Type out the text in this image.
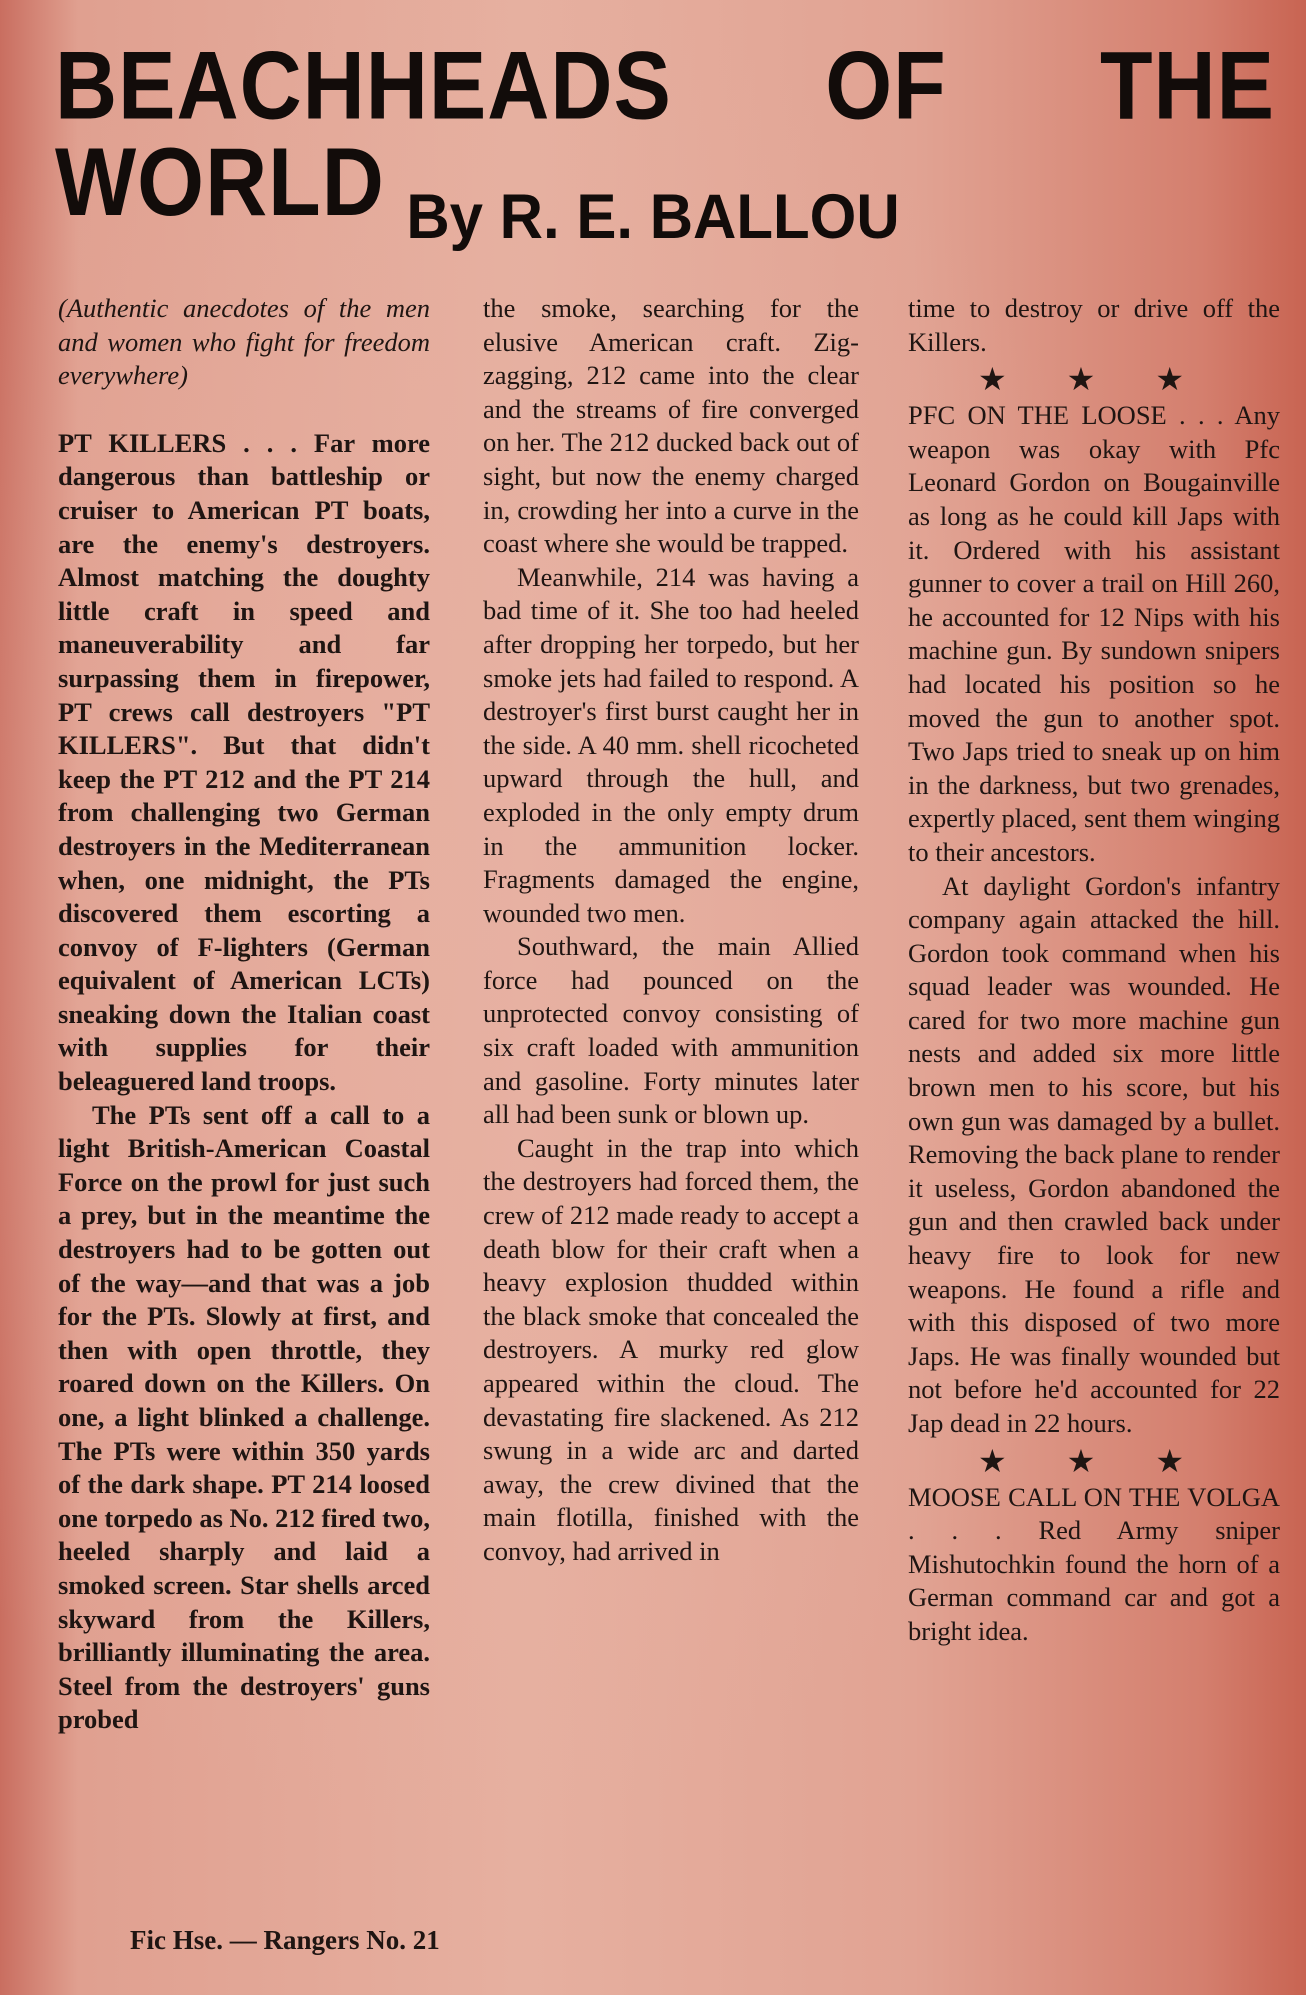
BEACHHEADS OF THE WORLD By R. E. BALLOU

(Authentic anecdotes of the men and women who fight for freedom everywhere)

PT KILLERS . . . Far more dangerous than battleship or cruiser to American PT boats, are the enemy's destroyers. Almost matching the doughty little craft in speed and maneuverability and far surpassing them in firepower, PT crews call destroyers "PT KILLERS". But that didn't keep the PT 212 and the PT 214 from challenging two German destroyers in the Mediterranean when, one midnight, the PTs discovered them escorting a convoy of F-lighters (German equivalent of American LCTs) sneaking down the Italian coast with supplies for their beleaguered land troops.

The PTs sent off a call to a light British-American Coastal Force on the prowl for just such a prey, but in the meantime the destroyers had to be gotten out of the way—and that was a job for the PTs. Slowly at first, and then with open throttle, they roared down on the Killers. On one, a light blinked a challenge. The PTs were within 350 yards of the dark shape. PT 214 loosed one torpedo as No. 212 fired two, heeled sharply and laid a smoked screen. Star shells arced skyward from the Killers, brilliantly illuminating the area. Steel from the destroyers' guns probed

the smoke, searching for the elusive American craft. Zig-zagging, 212 came into the clear and the streams of fire converged on her. The 212 ducked back out of sight, but now the enemy charged in, crowding her into a curve in the coast where she would be trapped.

Meanwhile, 214 was having a bad time of it. She too had heeled after dropping her torpedo, but her smoke jets had failed to respond. A destroyer's first burst caught her in the side. A 40 mm. shell ricocheted upward through the hull, and exploded in the only empty drum in the ammunition locker. Fragments damaged the engine, wounded two men.

Southward, the main Allied force had pounced on the unprotected convoy consisting of six craft loaded with ammunition and gasoline. Forty minutes later all had been sunk or blown up.

Caught in the trap into which the destroyers had forced them, the crew of 212 made ready to accept a death blow for their craft when a heavy explosion thudded within the black smoke that concealed the destroyers. A murky red glow appeared within the cloud. The devastating fire slackened. As 212 swung in a wide arc and darted away, the crew divined that the main flotilla, finished with the convoy, had arrived in

time to destroy or drive off the Killers.

★ ★ ★

PFC ON THE LOOSE . . . Any weapon was okay with Pfc Leonard Gordon on Bougainville as long as he could kill Japs with it. Ordered with his assistant gunner to cover a trail on Hill 260, he accounted for 12 Nips with his machine gun. By sundown snipers had located his position so he moved the gun to another spot. Two Japs tried to sneak up on him in the darkness, but two grenades, expertly placed, sent them winging to their ancestors.

At daylight Gordon's infantry company again attacked the hill. Gordon took command when his squad leader was wounded. He cared for two more machine gun nests and added six more little brown men to his score, but his own gun was damaged by a bullet. Removing the back plane to render it useless, Gordon abandoned the gun and then crawled back under heavy fire to look for new weapons. He found a rifle and with this disposed of two more Japs. He was finally wounded but not before he'd accounted for 22 Jap dead in 22 hours.

★ ★ ★

MOOSE CALL ON THE VOLGA . . . Red Army sniper Mishutochkin found the horn of a German command car and got a bright idea.

Fic Hse. — Rangers No. 21
